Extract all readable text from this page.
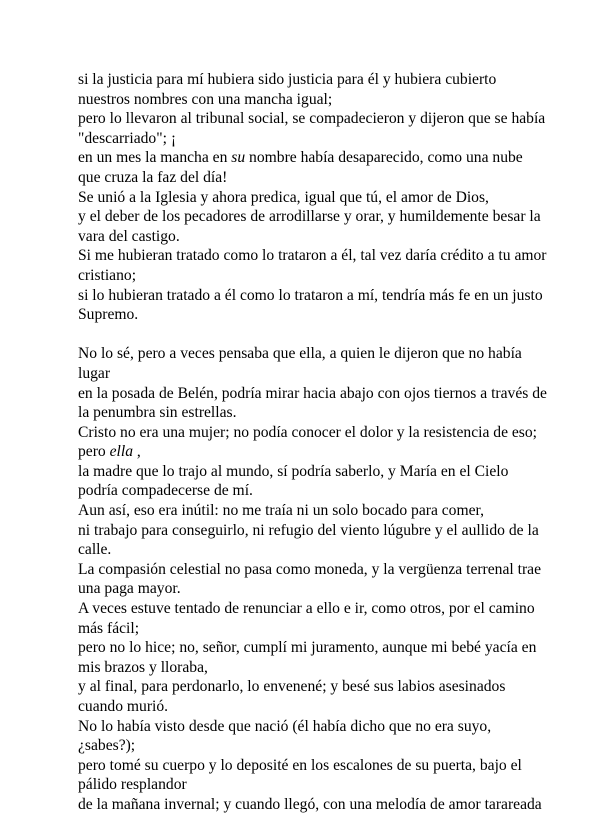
si la justicia para mí hubiera sido justicia para él y hubiera cubierto nuestros nombres con una mancha igual;
pero lo llevaron al tribunal social, se compadecieron y dijeron que se había "descarriado"; ¡
en un mes la mancha en su nombre había desaparecido, como una nube que cruza la faz del día!
Se unió a la Iglesia y ahora predica, igual que tú, el amor de Dios,
y el deber de los pecadores de arrodillarse y orar, y humildemente besar la vara del castigo.
Si me hubieran tratado como lo trataron a él, tal vez daría crédito a tu amor cristiano;
si lo hubieran tratado a él como lo trataron a mí, tendría más fe en un justo Supremo.
No lo sé, pero a veces pensaba que ella, a quien le dijeron que no había lugar
en la posada de Belén, podría mirar hacia abajo con ojos tiernos a través de la penumbra sin estrellas.
Cristo no era una mujer; no podía conocer el dolor y la resistencia de eso;
pero ella ,
la madre que lo trajo al mundo, sí podría saberlo, y María en el Cielo podría compadecerse de mí.
Aun así, eso era inútil: no me traía ni un solo bocado para comer,
ni trabajo para conseguirlo, ni refugio del viento lúgubre y el aullido de la calle.
La compasión celestial no pasa como moneda, y la vergüenza terrenal trae una paga mayor.
A veces estuve tentado de renunciar a ello e ir, como otros, por el camino más fácil;
pero no lo hice; no, señor, cumplí mi juramento, aunque mi bebé yacía en mis brazos y lloraba,
y al final, para perdonarlo, lo envenené; y besé sus labios asesinados cuando murió.
No lo había visto desde que nació (él había dicho que no era suyo, ¿sabes?);
pero tomé su cuerpo y lo deposité en los escalones de su puerta, bajo el pálido resplandor
de la mañana invernal; y cuando llegó, con una melodía de amor tarareada
